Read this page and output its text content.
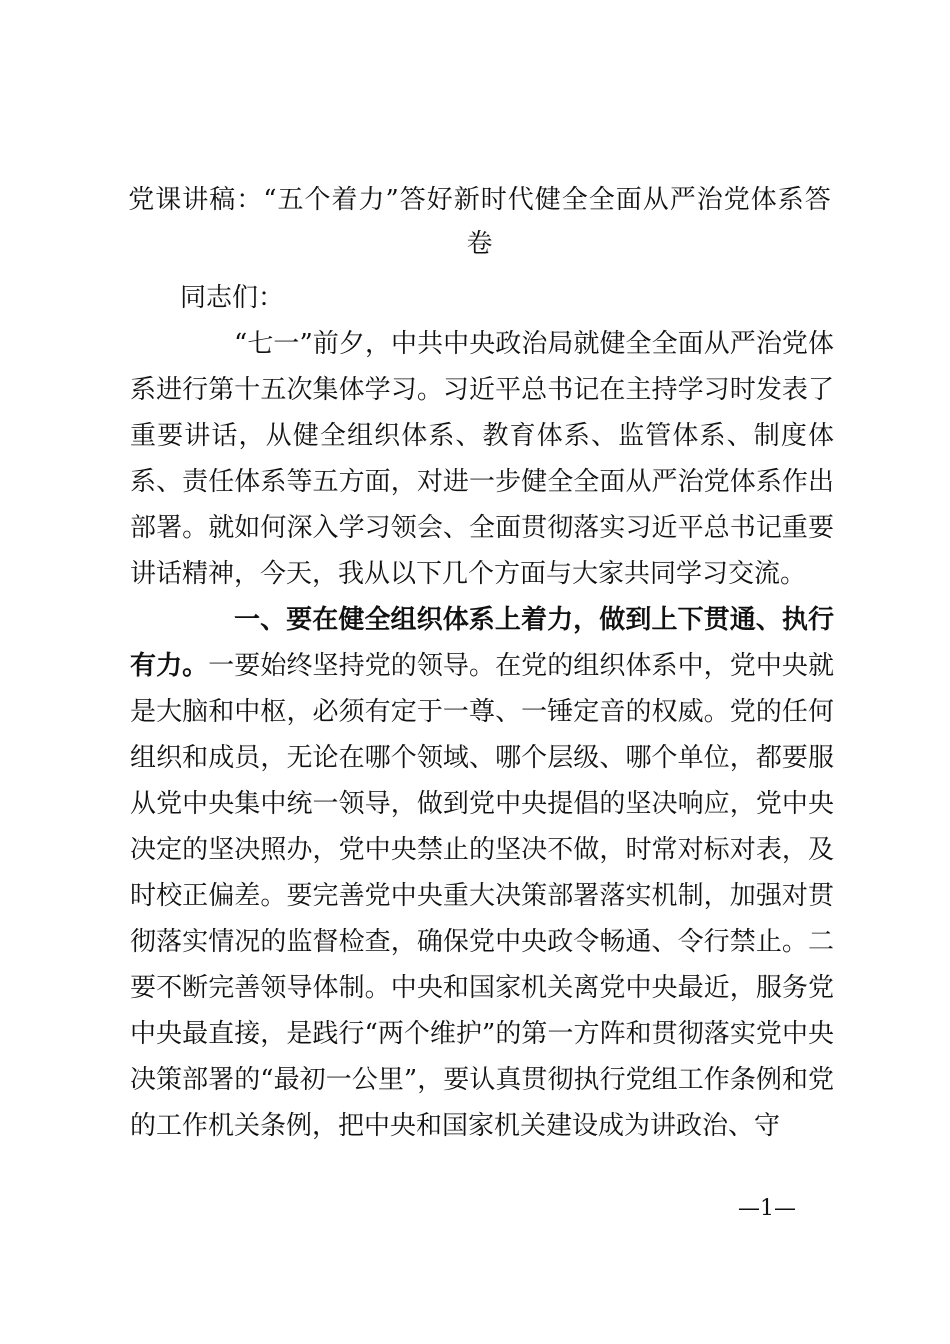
党课讲稿：“五个着力”答好新时代健全全面从严治党体系答卷
同志们：

“七一”前夕，中共中央政治局就健全全面从严治党体系进行第十五次集体学习。习近平总书记在主持学习时发表了重要讲话，从健全组织体系、教育体系、监管体系、制度体系、责任体系等五方面，对进一步健全全面从严治党体系作出部署。就如何深入学习领会、全面贯彻落实习近平总书记重要讲话精神，今天，我从以下几个方面与大家共同学习交流。

一、要在健全组织体系上着力，做到上下贯通、执行有力。一要始终坚持党的领导。在党的组织体系中，党中央就是大脑和中枢，必须有定于一尊、一锤定音的权威。党的任何组织和成员，无论在哪个领域、哪个层级、哪个单位，都要服从党中央集中统一领导，做到党中央提倡的坚决响应，党中央决定的坚决照办，党中央禁止的坚决不做，时常对标对表，及时校正偏差。要完善党中央重大决策部署落实机制，加强对贯彻落实情况的监督检查，确保党中央政令畅通、令行禁止。二要不断完善领导体制。中央和国家机关离党中央最近，服务党中央最直接，是践行“两个维护”的第一方阵和贯彻落实党中央决策部署的“最初一公里”，要认真贯彻执行党组工作条例和党的工作机关条例，把中央和国家机关建设成为讲政治、守

—1—
